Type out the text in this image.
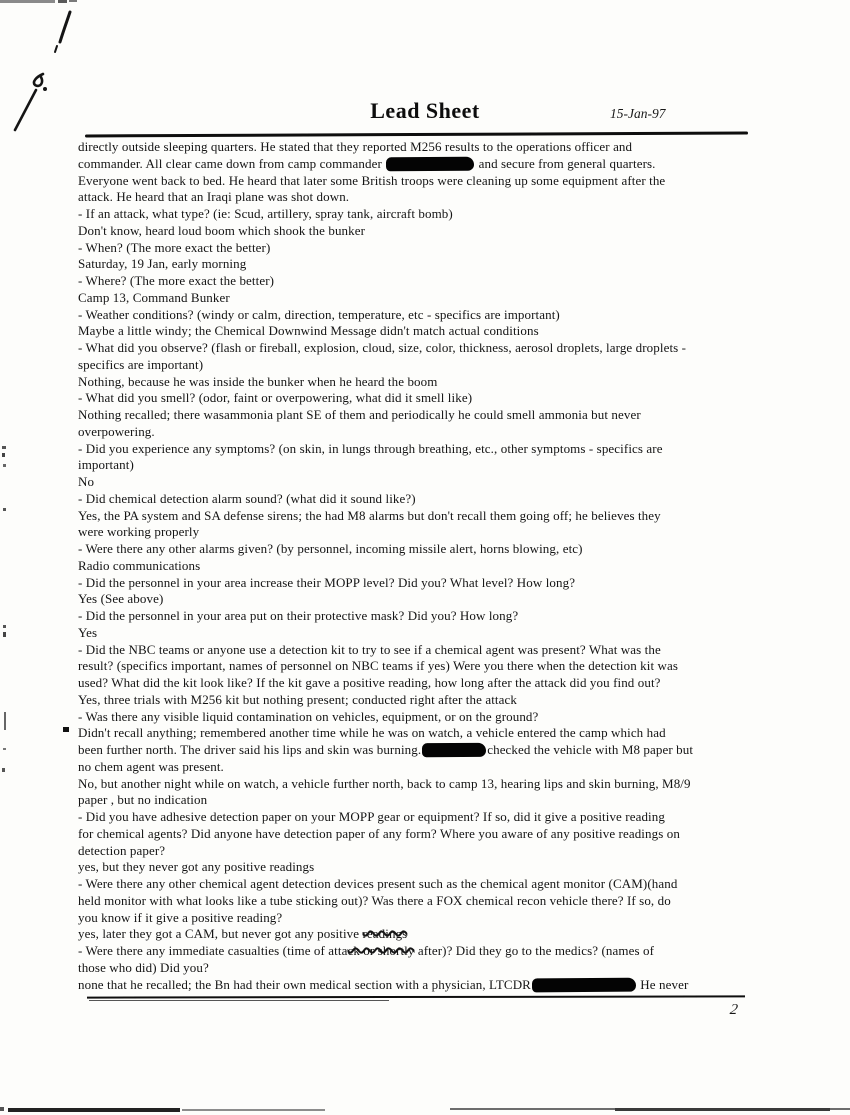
Lead Sheet	15-Jan-97
directly outside sleeping quarters. He stated that they reported M256 results to the operations officer and
commander. All clear came down from camp commander	and secure from general quarters.
Everyone went back to bed. He heard that later some British troops were cleaning up some equipment after the
attack. He heard that an Iraqi plane was shot down.
- If an attack, what type? (ie: Scud, artillery, spray tank, aircraft bomb)
Don't know, heard loud boom which shook the bunker
- When? (The more exact the better)
Saturday, 19 Jan, early morning
- Where? (The more exact the better)
Camp 13, Command Bunker
- Weather conditions? (windy or calm, direction, temperature, etc - specifics are important)
Maybe a little windy; the Chemical Downwind Message didn't match actual conditions
- What did you observe? (flash or fireball, explosion, cloud, size, color, thickness, aerosol droplets, large droplets -
specifics are important)
Nothing, because he was inside the bunker when he heard the boom
- What did you smell? (odor, faint or overpowering, what did it smell like)
Nothing recalled; there wasammonia plant SE of them and periodically he could smell ammonia but never
overpowering.
- Did you experience any symptoms? (on skin, in lungs through breathing, etc., other symptoms - specifics are
important)
No
- Did chemical detection alarm sound? (what did it sound like?)
Yes, the PA system and SA defense sirens; the had M8 alarms but don't recall them going off; he believes they
were working properly
- Were there any other alarms given? (by personnel, incoming missile alert, horns blowing, etc)
Radio communications
- Did the personnel in your area increase their MOPP level? Did you? What level? How long?
Yes (See above)
- Did the personnel in your area put on their protective mask? Did you? How long?
Yes
- Did the NBC teams or anyone use a detection kit to try to see if a chemical agent was present? What was the
result? (specifics important, names of personnel on NBC teams if yes) Were you there when the detection kit was
used? What did the kit look like? If the kit gave a positive reading, how long after the attack did you find out?
Yes, three trials with M256 kit but nothing present; conducted right after the attack
- Was there any visible liquid contamination on vehicles, equipment, or on the ground?
Didn't recall anything; remembered another time while he was on watch, a vehicle entered the camp which had
been further north. The driver said his lips and skin was burning.	checked the vehicle with M8 paper but
no chem agent was present.
No, but another night while on watch, a vehicle further north, back to camp 13, hearing lips and skin burning, M8/9
paper , but no indication
- Did you have adhesive detection paper on your MOPP gear or equipment? If so, did it give a positive reading
for chemical agents? Did anyone have detection paper of any form? Where you aware of any positive readings on
detection paper?
yes, but they never got any positive readings
- Were there any other chemical agent detection devices present such as the chemical agent monitor (CAM)(hand
held monitor with what looks like a tube sticking out)? Was there a FOX chemical recon vehicle there? If so, do
you know if it give a positive reading?
yes, later they got a CAM, but never got any positive readings
- Were there any immediate casualties (time of attack or shortly after)? Did they go to the medics? (names of
those who did) Did you?
none that he recalled; the Bn had their own medical section with a physician, LTCDR	He never
2
